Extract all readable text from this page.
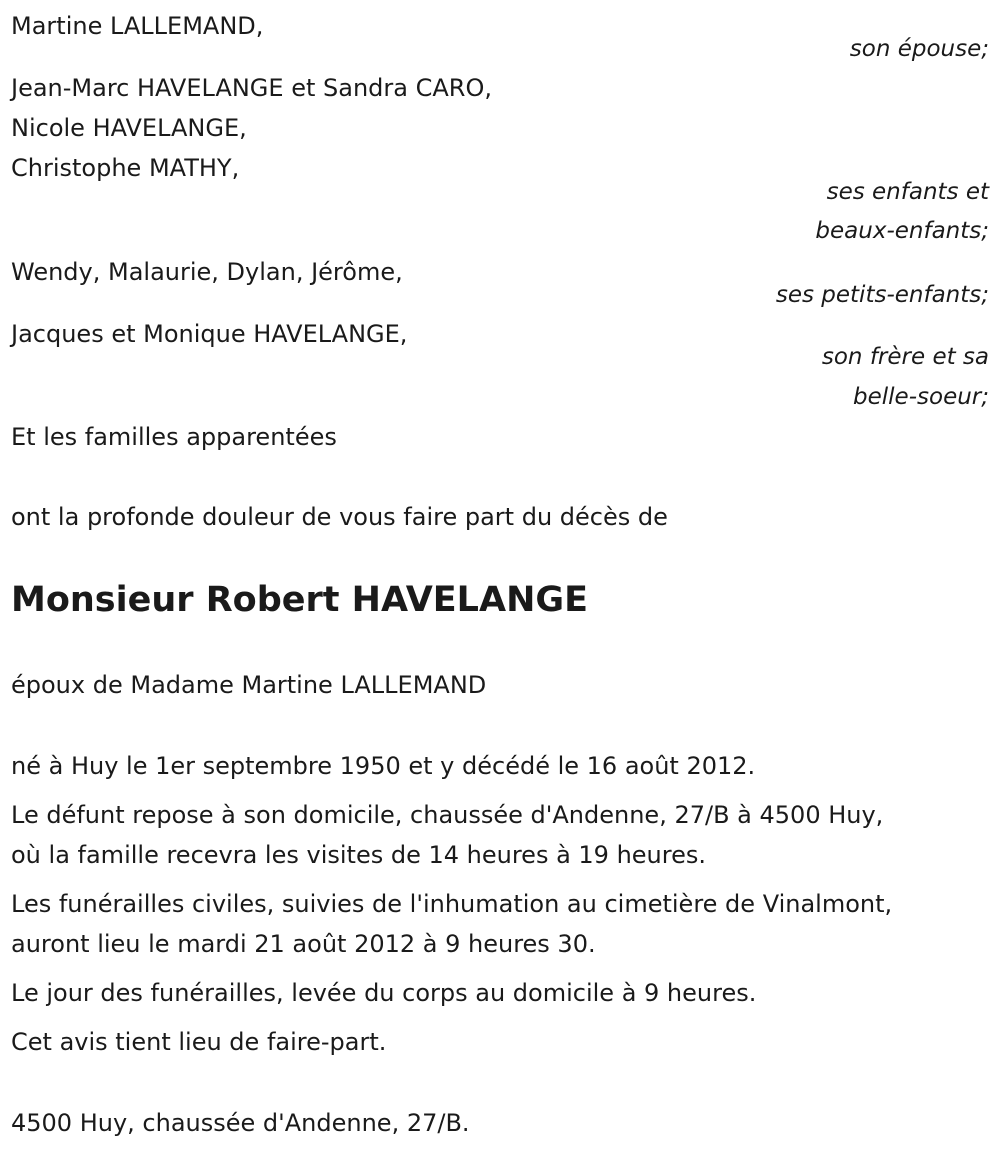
Martine LALLEMAND,
son épouse;
Jean-Marc HAVELANGE et Sandra CARO,
Nicole HAVELANGE,
Christophe MATHY,
ses enfants et
beaux-enfants;
Wendy, Malaurie, Dylan, Jérôme,
ses petits-enfants;
Jacques et Monique HAVELANGE,
son frère et sa
belle-soeur;
Et les familles apparentées
ont la profonde douleur de vous faire part du décès de
Monsieur Robert HAVELANGE
époux de Madame Martine LALLEMAND
né à Huy le 1er septembre 1950 et y décédé le 16 août 2012.
Le défunt repose à son domicile, chaussée d'Andenne, 27/B à 4500 Huy,
où la famille recevra les visites de 14 heures à 19 heures.
Les funérailles civiles, suivies de l'inhumation au cimetière de Vinalmont,
auront lieu le mardi 21 août 2012 à 9 heures 30.
Le jour des funérailles, levée du corps au domicile à 9 heures.
Cet avis tient lieu de faire-part.
4500 Huy, chaussée d'Andenne, 27/B.
